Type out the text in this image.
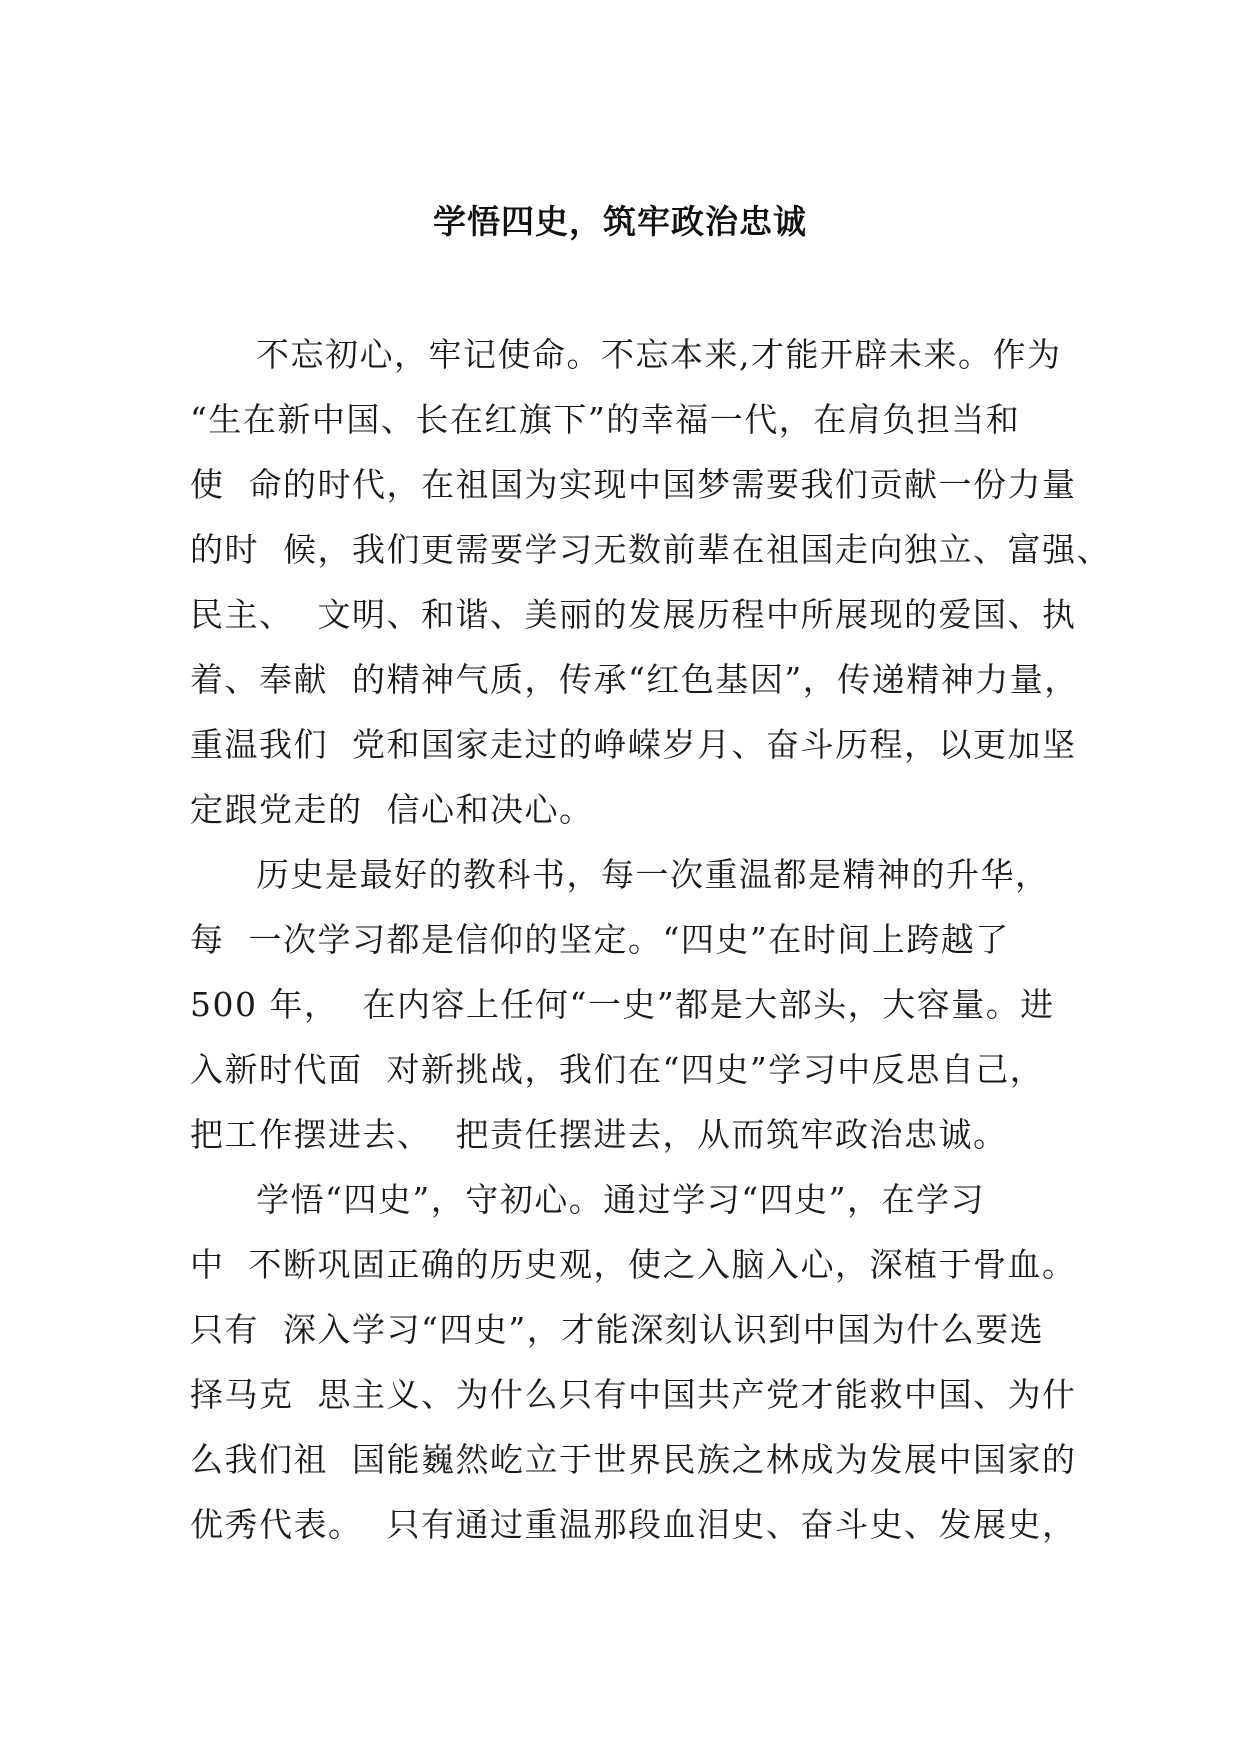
学悟四史，筑牢政治忠诚
不忘初心，牢记使命。不忘本来,才能开辟未来。作为
“生在新中国、长在红旗下”的幸福一代，在肩负担当和
使  命的时代，在祖国为实现中国梦需要我们贡献一份力量
的时  候，我们更需要学习无数前辈在祖国走向独立、富强、
民主、  文明、和谐、美丽的发展历程中所展现的爱国、执
着、奉献  的精神气质，传承“红色基因”，传递精神力量，
重温我们  党和国家走过的峥嵘岁月、奋斗历程，以更加坚
定跟党走的  信心和决心。
历史是最好的教科书，每一次重温都是精神的升华，
每  一次学习都是信仰的坚定。“四史”在时间上跨越了
500 年，  在内容上任何“一史”都是大部头，大容量。进
入新时代面  对新挑战，我们在“四史”学习中反思自己，
把工作摆进去、  把责任摆进去，从而筑牢政治忠诚。
学悟“四史”，守初心。通过学习“四史”，在学习
中  不断巩固正确的历史观，使之入脑入心，深植于骨血。
只有  深入学习“四史”，才能深刻认识到中国为什么要选
择马克  思主义、为什么只有中国共产党才能救中国、为什
么我们祖  国能巍然屹立于世界民族之林成为发展中国家的
优秀代表。  只有通过重温那段血泪史、奋斗史、发展史，
